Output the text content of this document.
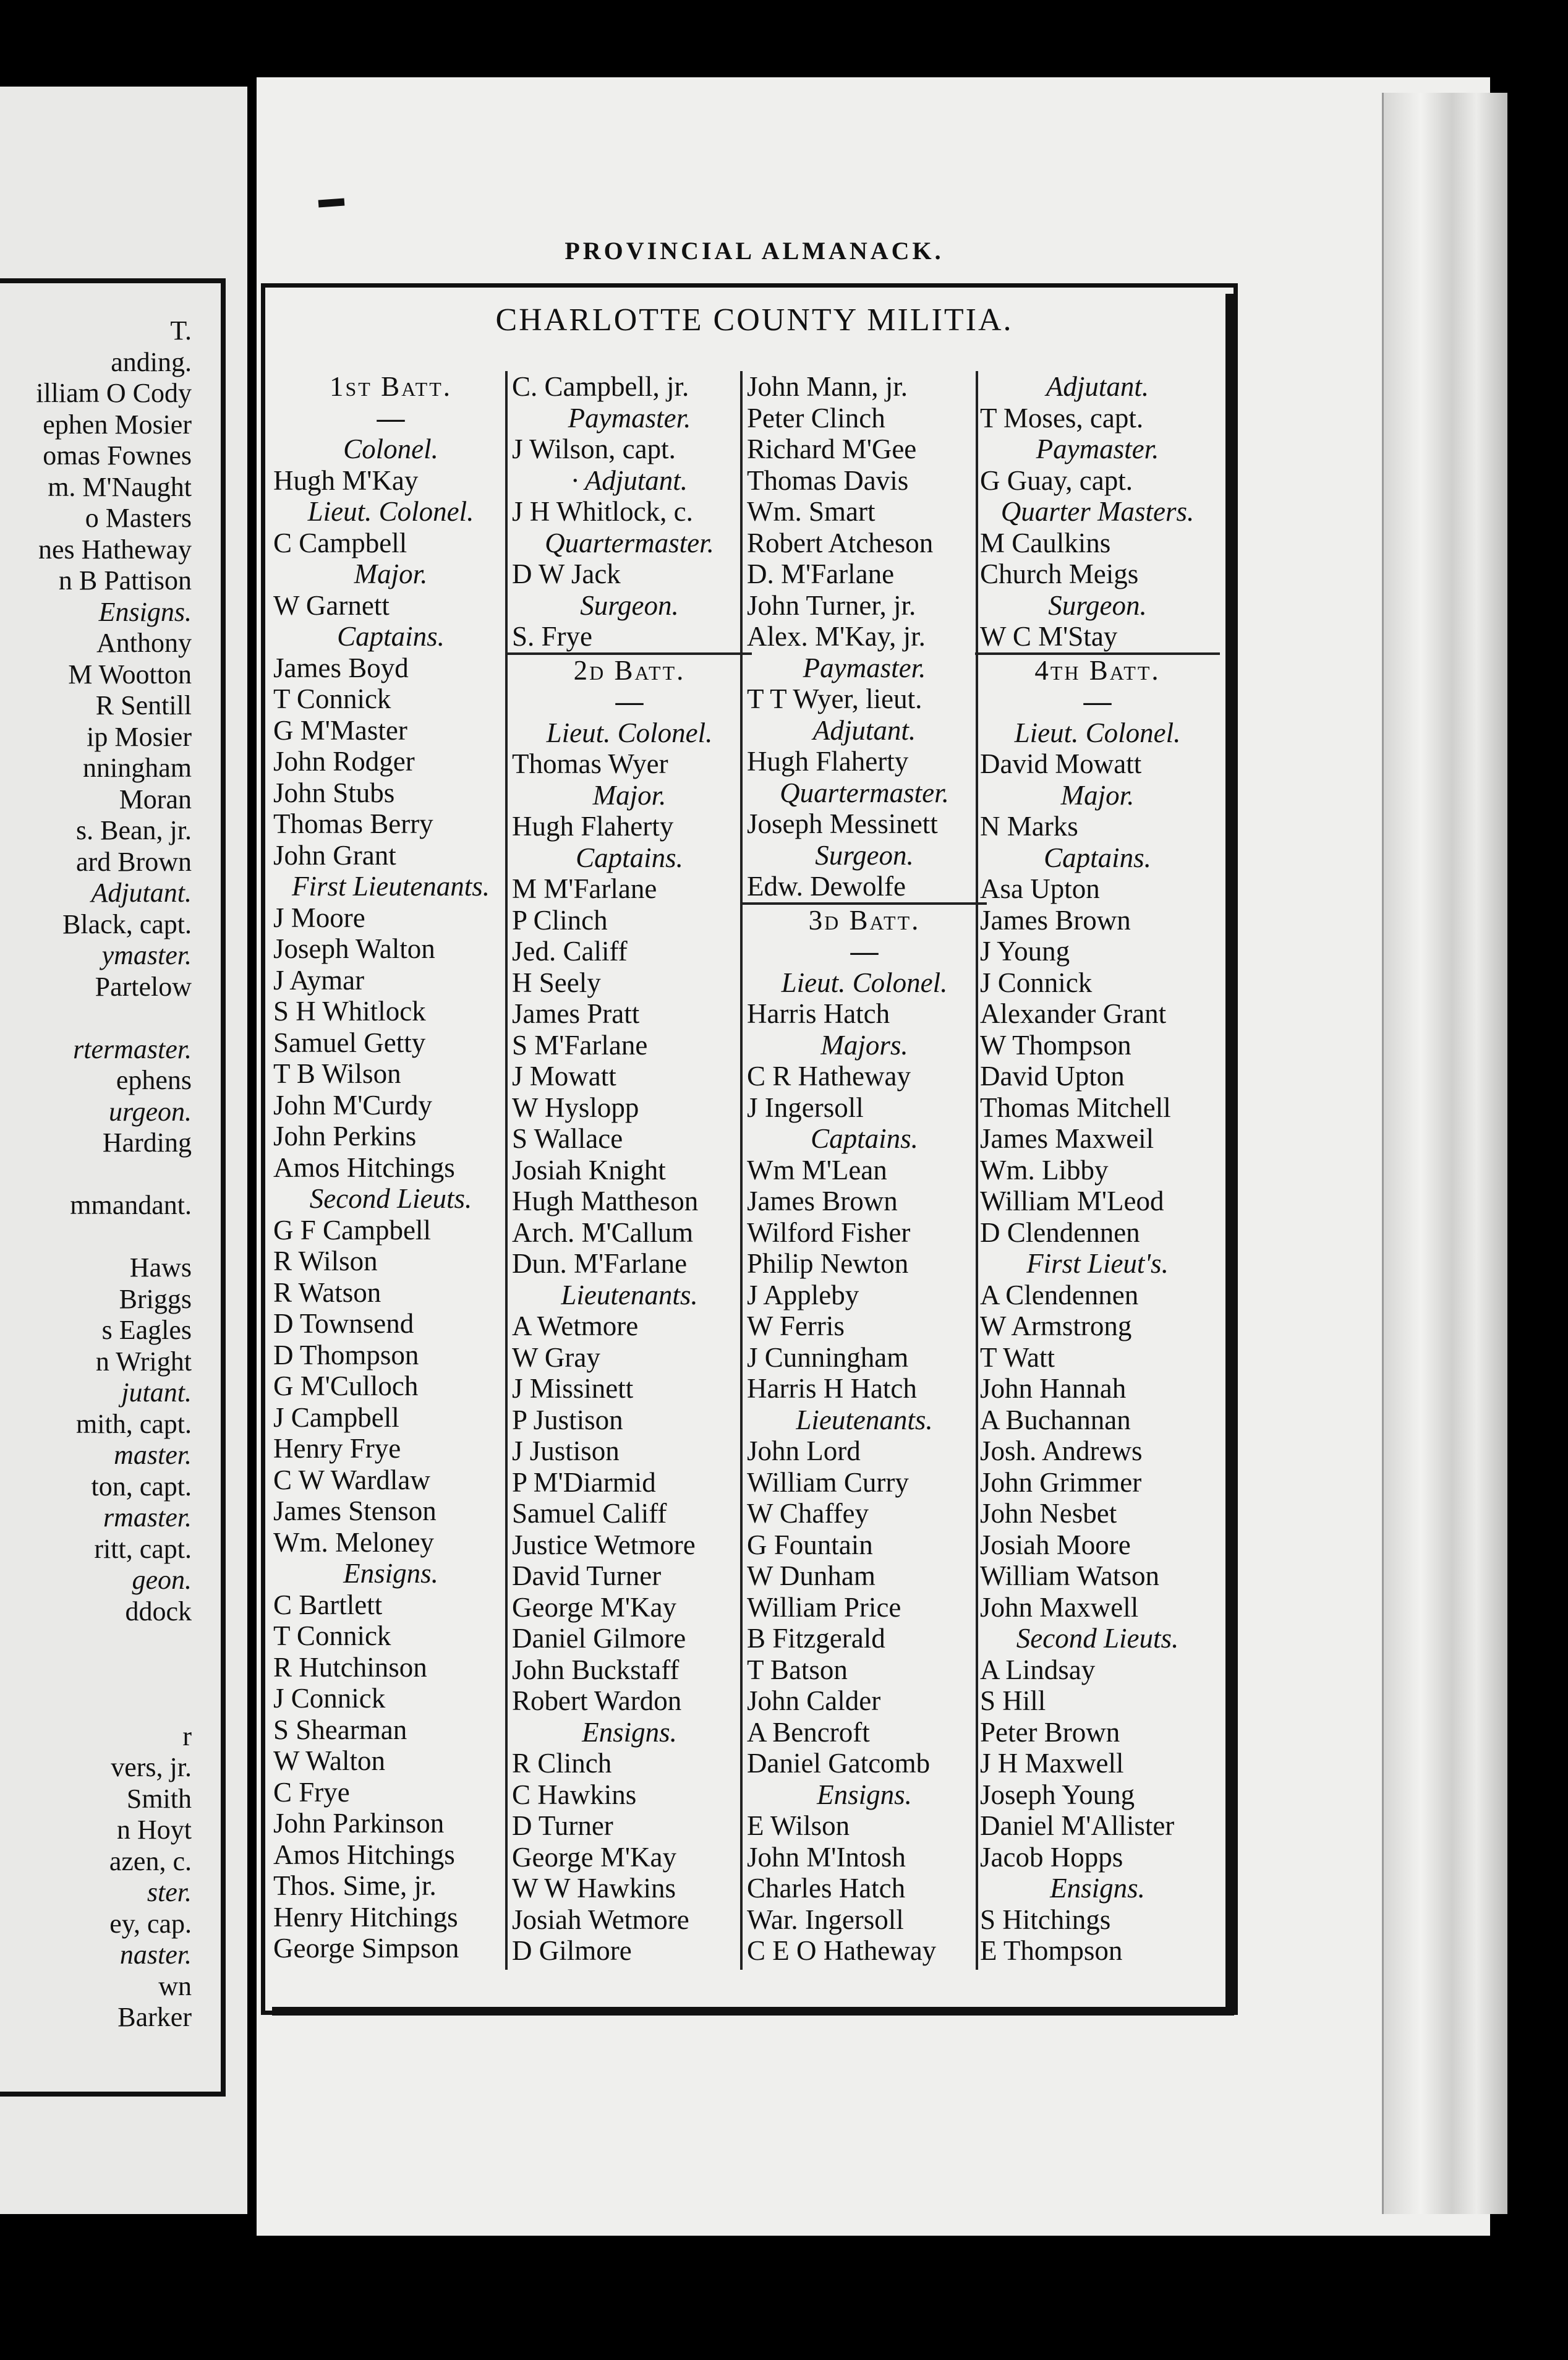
T.
anding.
illiam O Cody
ephen Mosier
omas Fownes
m. M'Naught
o Masters
nes Hatheway
n B Pattison
Ensigns.
Anthony
M Wootton
R Sentill
ip Mosier
nningham
Moran
s. Bean, jr.
ard Brown
Adjutant.
Black, capt.
ymaster.
Partelow
rtermaster.
ephens
urgeon.
Harding
mmandant.
Haws
Briggs
s Eagles
n Wright
jutant.
mith, capt.
master.
ton, capt.
rmaster.
ritt, capt.
geon.
ddock
r
vers, jr.
Smith
n Hoyt
azen, c.
ster.
ey, cap.
naster.
wn
Barker
PROVINCIAL ALMANACK.
CHARLOTTE COUNTY MILITIA.
1st Batt.
—
Colonel.
Hugh M'Kay
Lieut. Colonel.
C Campbell
Major.
W Garnett
Captains.
James Boyd
T Connick
G M'Master
John Rodger
John Stubs
Thomas Berry
John Grant
First Lieutenants.
J Moore
Joseph Walton
J Aymar
S H Whitlock
Samuel Getty
T B Wilson
John M'Curdy
John Perkins
Amos Hitchings
Second Lieuts.
G F Campbell
R Wilson
R Watson
D Townsend
D Thompson
G M'Culloch
J Campbell
Henry Frye
C W Wardlaw
James Stenson
Wm. Meloney
Ensigns.
C Bartlett
T Connick
R Hutchinson
J Connick
S Shearman
W Walton
C Frye
John Parkinson
Amos Hitchings
Thos. Sime, jr.
Henry Hitchings
George Simpson
C. Campbell, jr.
Paymaster.
J Wilson, capt.
· Adjutant.
J H Whitlock, c.
Quartermaster.
D W Jack
Surgeon.
S. Frye
2d Batt.
—
Lieut. Colonel.
Thomas Wyer
Major.
Hugh Flaherty
Captains.
M M'Farlane
P Clinch
Jed. Califf
H Seely
James Pratt
S M'Farlane
J Mowatt
W Hyslopp
S Wallace
Josiah Knight
Hugh Mattheson
Arch. M'Callum
Dun. M'Farlane
Lieutenants.
A Wetmore
W Gray
J Missinett
P Justison
J Justison
P M'Diarmid
Samuel Califf
Justice Wetmore
David Turner
George M'Kay
Daniel Gilmore
John Buckstaff
Robert Wardon
Ensigns.
R Clinch
C Hawkins
D Turner
George M'Kay
W W Hawkins
Josiah Wetmore
D Gilmore
John Mann, jr.
Peter Clinch
Richard M'Gee
Thomas Davis
Wm. Smart
Robert Atcheson
D. M'Farlane
John Turner, jr.
Alex. M'Kay, jr.
Paymaster.
T T Wyer, lieut.
Adjutant.
Hugh Flaherty
Quartermaster.
Joseph Messinett
Surgeon.
Edw. Dewolfe
3d Batt.
—
Lieut. Colonel.
Harris Hatch
Majors.
C R Hatheway
J Ingersoll
Captains.
Wm M'Lean
James Brown
Wilford Fisher
Philip Newton
J Appleby
W Ferris
J Cunningham
Harris H Hatch
Lieutenants.
John Lord
William Curry
W Chaffey
G Fountain
W Dunham
William Price
B Fitzgerald
T Batson
John Calder
A Bencroft
Daniel Gatcomb
Ensigns.
E Wilson
John M'Intosh
Charles Hatch
War. Ingersoll
C E O Hatheway
Adjutant.
T Moses, capt.
Paymaster.
G Guay, capt.
Quarter Masters.
M Caulkins
Church Meigs
Surgeon.
W C M'Stay
4th Batt.
—
Lieut. Colonel.
David Mowatt
Major.
N Marks
Captains.
Asa Upton
James Brown
J Young
J Connick
Alexander Grant
W Thompson
David Upton
Thomas Mitchell
James Maxweil
Wm. Libby
William M'Leod
D Clendennen
First Lieut's.
A Clendennen
W Armstrong
T Watt
John Hannah
A Buchannan
Josh. Andrews
John Grimmer
John Nesbet
Josiah Moore
William Watson
John Maxwell
Second Lieuts.
A Lindsay
S Hill
Peter Brown
J H Maxwell
Joseph Young
Daniel M'Allister
Jacob Hopps
Ensigns.
S Hitchings
E Thompson
